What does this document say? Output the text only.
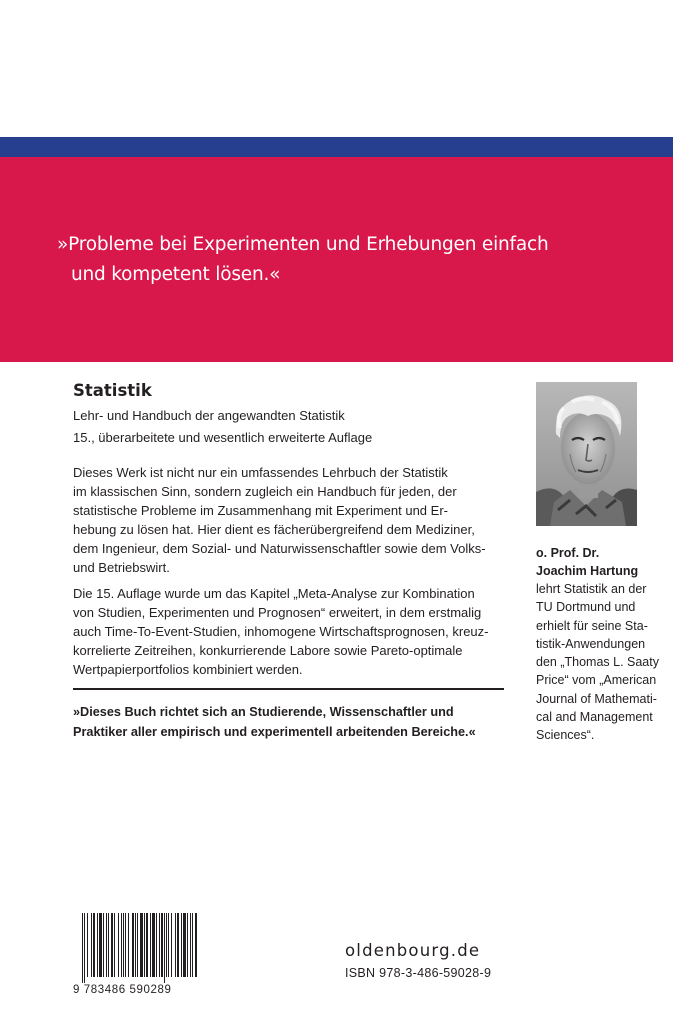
»Probleme bei Experimenten und Erhebungen einfach
und kompetent lösen.«
Statistik
Lehr- und Handbuch der angewandten Statistik
15., überarbeitete und wesentlich erweiterte Auflage
Dieses Werk ist nicht nur ein umfassendes Lehrbuch der Statistik
im klassischen Sinn, sondern zugleich ein Handbuch für jeden, der
statistische Probleme im Zusammenhang mit Experiment und Er-
hebung zu lösen hat. Hier dient es fächerübergreifend dem Mediziner,
dem Ingenieur, dem Sozial- und Naturwissenschaftler sowie dem Volks-
und Betriebswirt.
Die 15. Auflage wurde um das Kapitel „Meta-Analyse zur Kombination
von Studien, Experimenten und Prognosen“ erweitert, in dem erstmalig
auch Time-To-Event-Studien, inhomogene Wirtschaftsprognosen, kreuz-
korrelierte Zeitreihen, konkurrierende Labore sowie Pareto-optimale
Wertpapierportfolios kombiniert werden.
»Dieses Buch richtet sich an Studierende, Wissenschaftler und
Praktiker aller empirisch und experimentell arbeitenden Bereiche.«
o. Prof. Dr.
Joachim Hartung
lehrt Statistik an der
TU Dortmund und
erhielt für seine Sta-
tistik-Anwendungen
den „Thomas L. Saaty
Price“ vom „American
Journal of Mathemati-
cal and Management
Sciences“.
9 783486 590289
oldenbourg.de
ISBN 978-3-486-59028-9
